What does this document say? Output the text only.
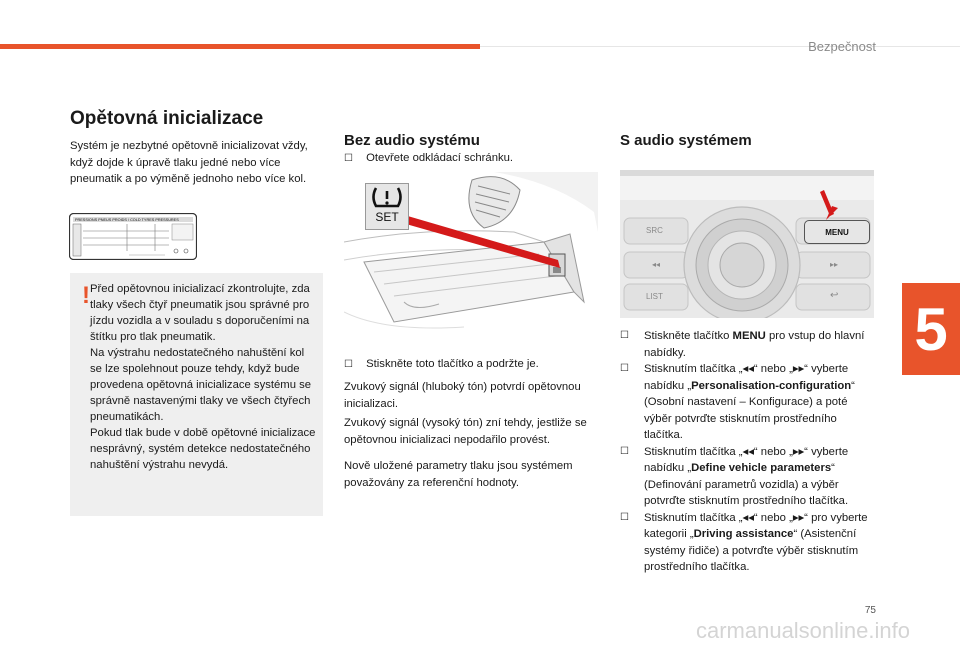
Bezpečnost
5
Opětovná inicializace
Systém je nezbytné opětovně inicializovat vždy, když dojde k úpravě tlaku jedné nebo více pneumatik a po výměně jednoho nebo více kol.
PRESSIONS PNEUS PROIDS / COLD TYRES PRESSURES
! Před opětovnou inicializací zkontrolujte, zda tlaky všech čtyř pneumatik jsou správné pro jízdu vozidla a v souladu s doporučeními na štítku pro tlak pneumatik.
Na výstrahu nedostatečného nahuštění kol se lze spolehnout pouze tehdy, když bude provedena opětovná inicializace systému se správně nastavenými tlaky ve všech čtyřech pneumatikách.
Pokud tlak bude v době opětovné inicializace nesprávný, systém detekce nedostatečného nahuštění výstrahu nevydá.
Bez audio systému
☐ Otevřete odkládací schránku.
SET
☐ Stiskněte toto tlačítko a podržte je.
Zvukový signál (hluboký tón) potvrdí opětovnou inicializaci.
Zvukový signál (vysoký tón) zní tehdy, jestliže se opětovnou inicializaci nepodařilo provést.
Nově uložené parametry tlaku jsou systémem považovány za referenční hodnoty.
S audio systémem
SRC
◂◂
LIST
MENU
▸▸
↩
☐ Stiskněte tlačítko MENU pro vstup do hlavní nabídky.
☐ Stisknutím tlačítka „◂◂“ nebo „▸▸“ vyberte nabídku „Personalisation-configuration“ (Osobní nastavení – Konfigurace) a poté výběr potvrďte stisknutím prostředního tlačítka.
☐ Stisknutím tlačítka „◂◂“ nebo „▸▸“ vyberte nabídku „Define vehicle parameters“ (Definování parametrů vozidla) a výběr potvrďte stisknutím prostředního tlačítka.
☐ Stisknutím tlačítka „◂◂“ nebo „▸▸“ pro vyberte kategorii „Driving assistance“ (Asistenční systémy řidiče) a potvrďte výběr stisknutím prostředního tlačítka.
75
carmanualsonline.info
